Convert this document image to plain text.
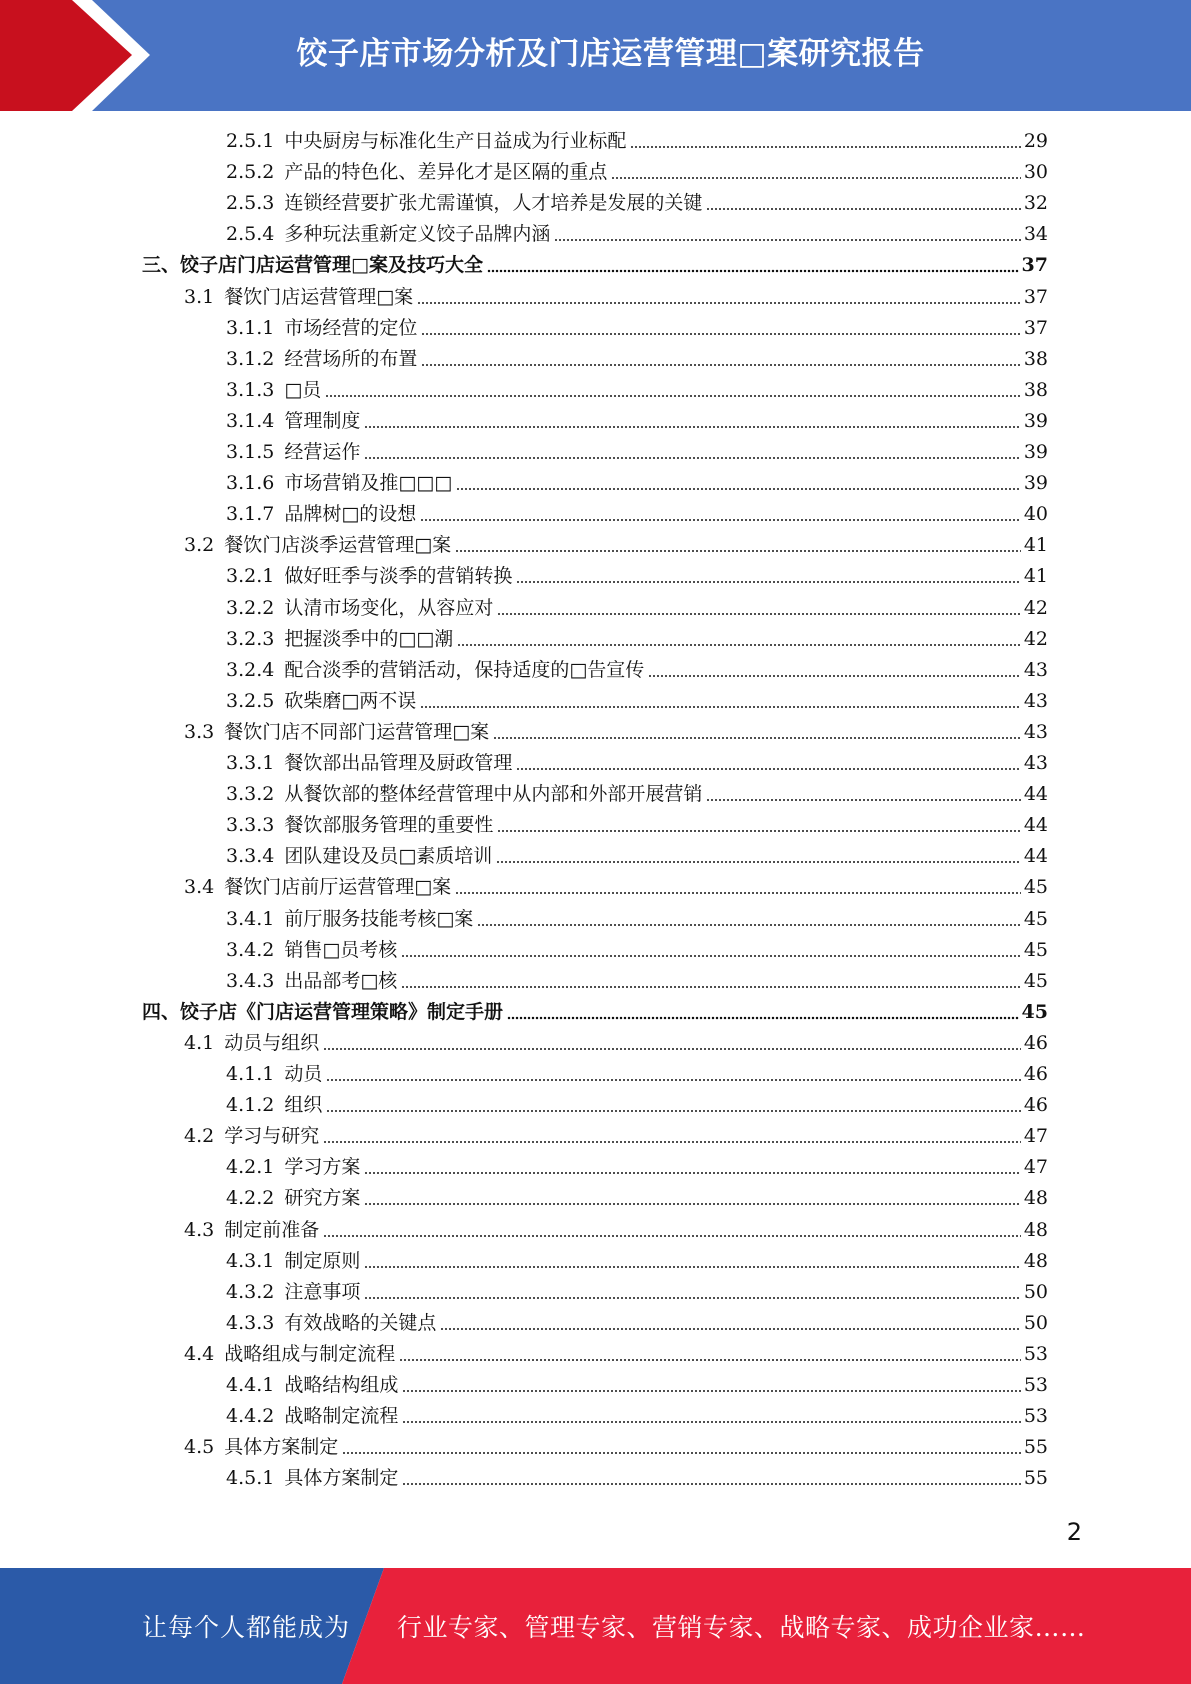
饺子店市场分析及门店运营管理□案研究报告
2.5.1 中央厨房与标准化生产日益成为行业标配	29
2.5.2 产品的特色化、差异化才是区隔的重点	30
2.5.3 连锁经营要扩张尤需谨慎，人才培养是发展的关键	32
2.5.4 多种玩法重新定义饺子品牌内涵	34
三、饺子店门店运营管理□案及技巧大全	37
3.1 餐饮门店运营管理□案	37
3.1.1 市场经营的定位	37
3.1.2 经营场所的布置	38
3.1.3 □员	38
3.1.4 管理制度	39
3.1.5 经营运作	39
3.1.6 市场营销及推□□□	39
3.1.7 品牌树□的设想	40
3.2 餐饮门店淡季运营管理□案	41
3.2.1 做好旺季与淡季的营销转换	41
3.2.2 认清市场变化，从容应对	42
3.2.3 把握淡季中的□□潮	42
3.2.4 配合淡季的营销活动，保持适度的□告宣传	43
3.2.5 砍柴磨□两不误	43
3.3 餐饮门店不同部门运营管理□案	43
3.3.1 餐饮部出品管理及厨政管理	43
3.3.2 从餐饮部的整体经营管理中从内部和外部开展营销	44
3.3.3 餐饮部服务管理的重要性	44
3.3.4 团队建设及员□素质培训	44
3.4 餐饮门店前厅运营管理□案	45
3.4.1 前厅服务技能考核□案	45
3.4.2 销售□员考核	45
3.4.3 出品部考□核	45
四、饺子店《门店运营管理策略》制定手册	45
4.1 动员与组织	46
4.1.1 动员	46
4.1.2 组织	46
4.2 学习与研究	47
4.2.1 学习方案	47
4.2.2 研究方案	48
4.3 制定前准备	48
4.3.1 制定原则	48
4.3.2 注意事项	50
4.3.3 有效战略的关键点	50
4.4 战略组成与制定流程	53
4.4.1 战略结构组成	53
4.4.2 战略制定流程	53
4.5 具体方案制定	55
4.5.1 具体方案制定	55
2
让每个人都能成为 行业专家、管理专家、营销专家、战略专家、成功企业家……
